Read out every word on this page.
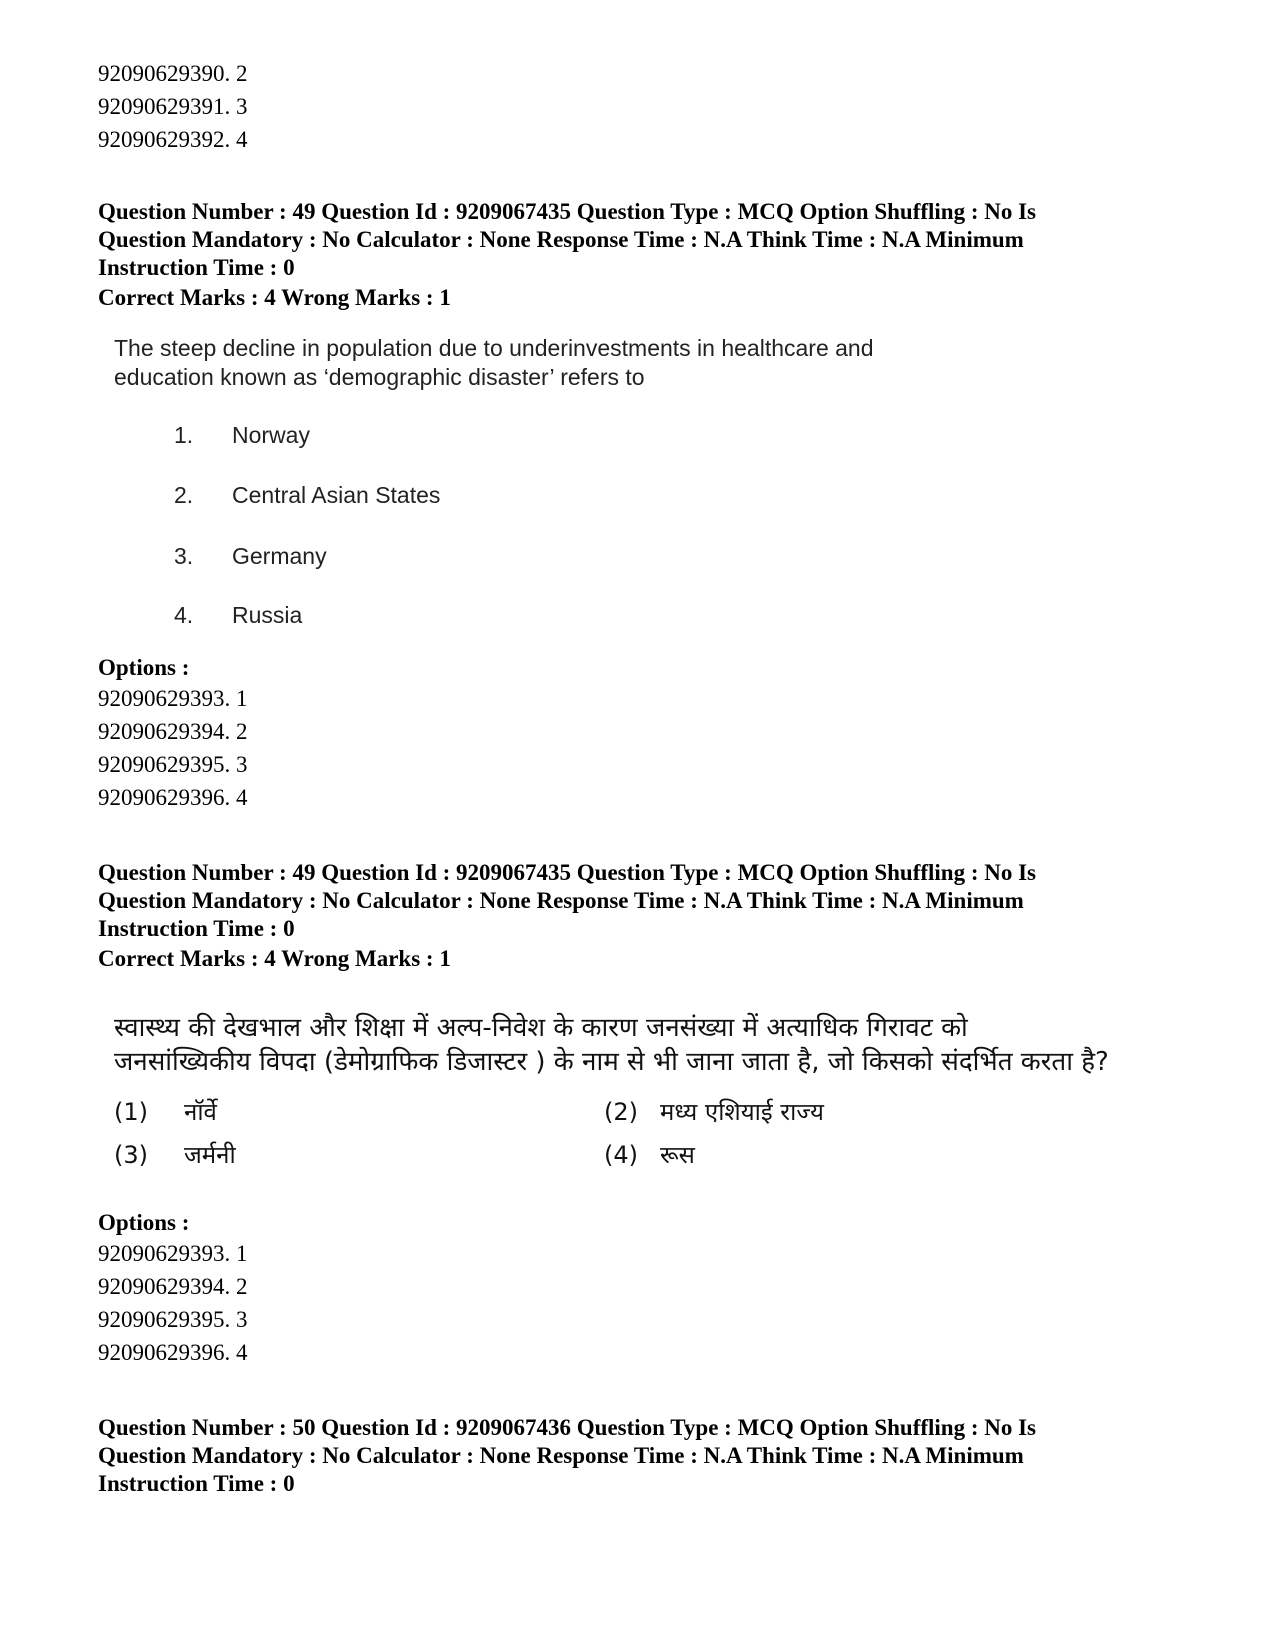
92090629390. 2
92090629391. 3
92090629392. 4
Question Number : 49 Question Id : 9209067435 Question Type : MCQ Option Shuffling : No Is
Question Mandatory : No Calculator : None Response Time : N.A Think Time : N.A Minimum
Instruction Time : 0
Correct Marks : 4 Wrong Marks : 1
The steep decline in population due to underinvestments in healthcare and
education known as ‘demographic disaster’ refers to
1. Norway
2. Central Asian States
3. Germany
4. Russia
Options :
92090629393. 1
92090629394. 2
92090629395. 3
92090629396. 4
Question Number : 49 Question Id : 9209067435 Question Type : MCQ Option Shuffling : No Is
Question Mandatory : No Calculator : None Response Time : N.A Think Time : N.A Minimum
Instruction Time : 0
Correct Marks : 4 Wrong Marks : 1
स्वास्थ्य की देखभाल और शिक्षा में अल्प-निवेश के कारण जनसंख्या में अत्याधिक गिरावट को
जनसांख्यिकीय विपदा (डेमोग्राफिक डिजास्टर ) के नाम से भी जाना जाता है, जो किसको संदर्भित करता है?
(1) नॉर्वे	(2) मध्य एशियाई राज्य
(3) जर्मनी	(4) रूस
Options :
92090629393. 1
92090629394. 2
92090629395. 3
92090629396. 4
Question Number : 50 Question Id : 9209067436 Question Type : MCQ Option Shuffling : No Is
Question Mandatory : No Calculator : None Response Time : N.A Think Time : N.A Minimum
Instruction Time : 0
